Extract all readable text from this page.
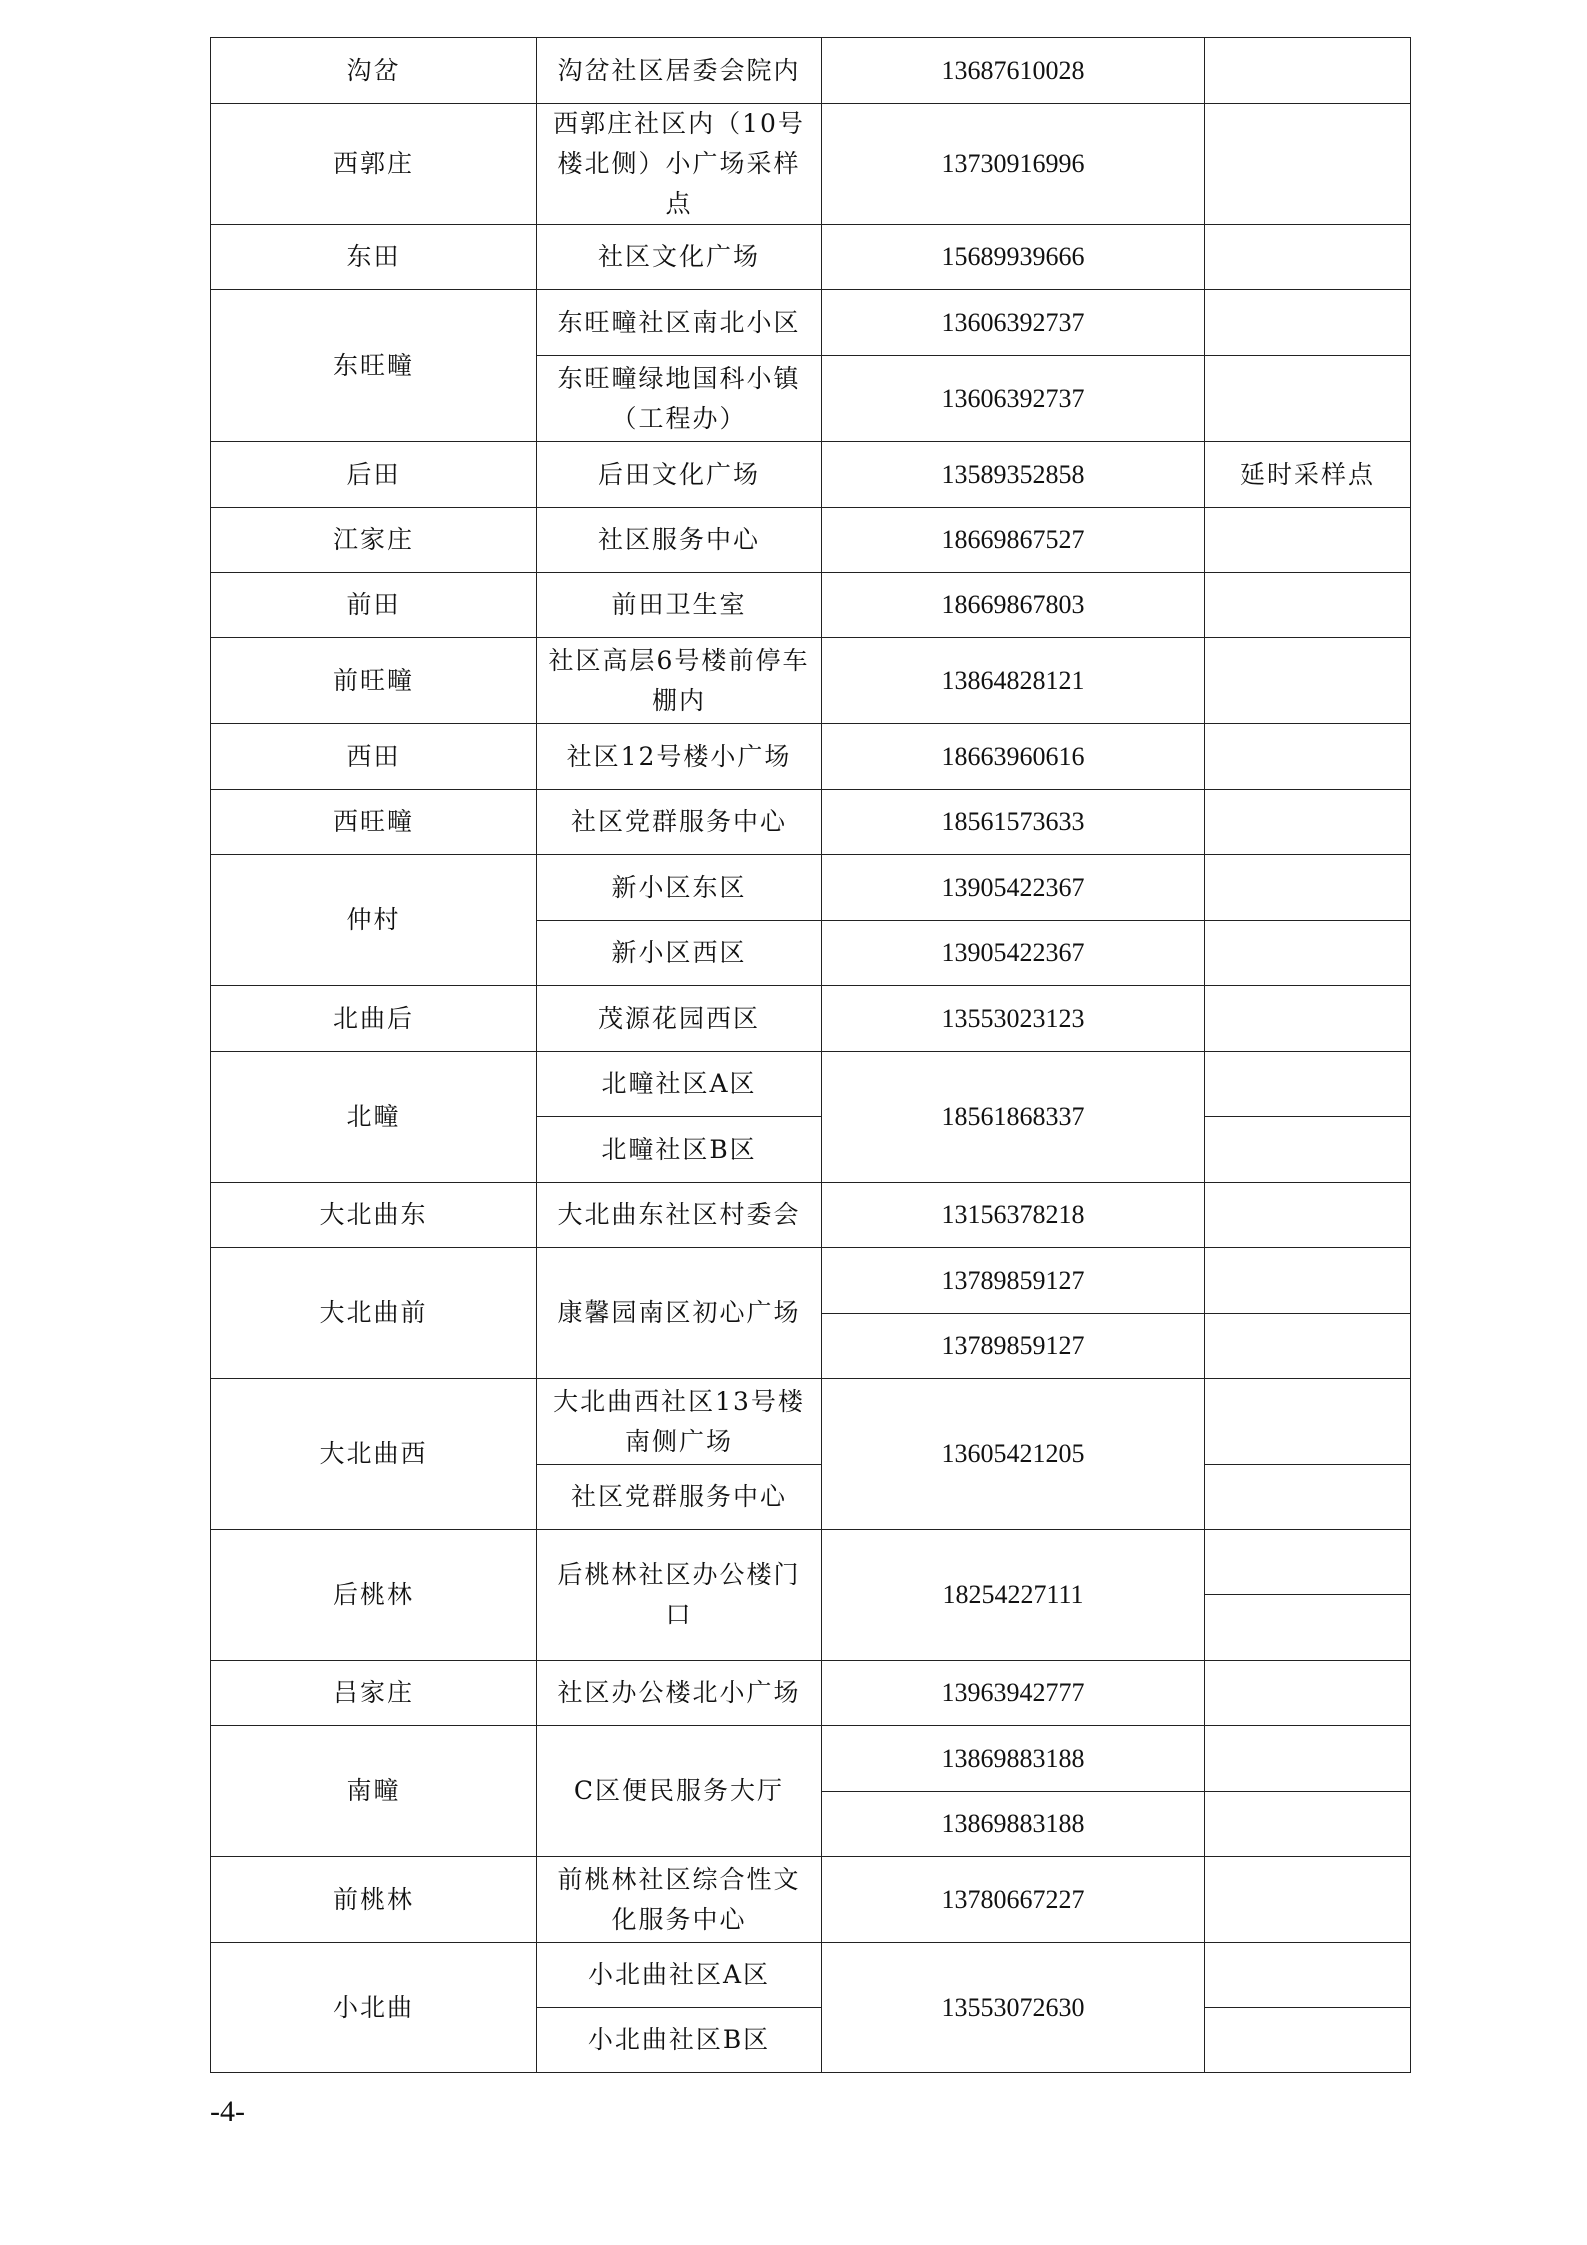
沟岔	沟岔社区居委会院内	13687610028	
西郭庄	西郭庄社区内（10号楼北侧）小广场采样点	13730916996	
东田	社区文化广场	15689939666	
东旺疃	东旺疃社区南北小区	13606392737	
	东旺疃绿地国科小镇（工程办）	13606392737	
后田	后田文化广场	13589352858	延时采样点
江家庄	社区服务中心	18669867527	
前田	前田卫生室	18669867803	
前旺疃	社区高层6号楼前停车棚内	13864828121	
西田	社区12号楼小广场	18663960616	
西旺疃	社区党群服务中心	18561573633	
仲村	新小区东区	13905422367	
	新小区西区	13905422367	
北曲后	茂源花园西区	13553023123	
北疃	北疃社区A区	18561868337	
	北疃社区B区		
大北曲东	大北曲东社区村委会	13156378218	
大北曲前	康馨园南区初心广场	13789859127	
		13789859127	
大北曲西	大北曲西社区13号楼南侧广场	13605421205	
	社区党群服务中心		
后桃林	后桃林社区办公楼门口	18254227111	

吕家庄	社区办公楼北小广场	13963942777	
南疃	C区便民服务大厅	13869883188	
		13869883188	
前桃林	前桃林社区综合性文化服务中心	13780667227	
小北曲	小北曲社区A区	13553072630	
	小北曲社区B区		
-4-
